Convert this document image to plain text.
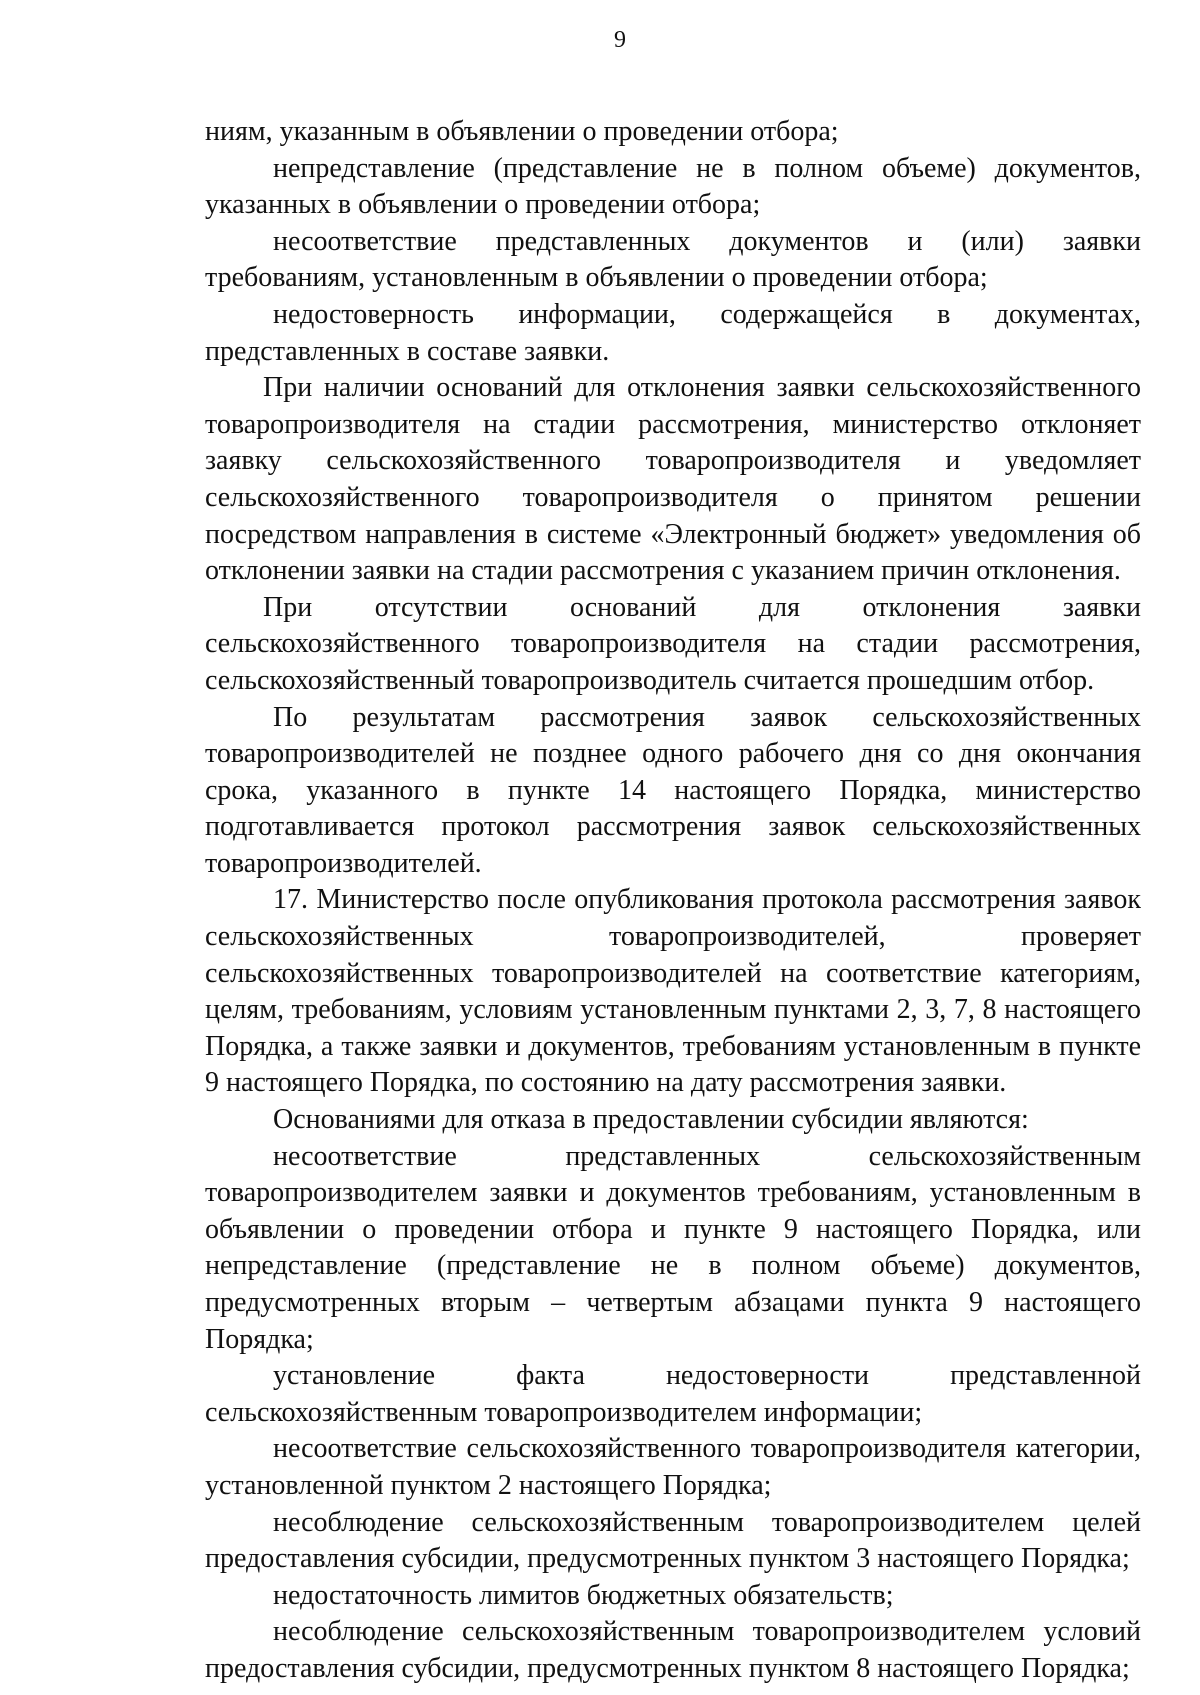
9

ниям, указанным в объявлении о проведении отбора;

непредставление (представление не в полном объеме) документов, указанных в объявлении о проведении отбора;

несоответствие представленных документов и (или) заявки требованиям, установленным в объявлении о проведении отбора;

недостоверность информации, содержащейся в документах, представленных в составе заявки.

При наличии оснований для отклонения заявки сельскохозяйственного товаропроизводителя на стадии рассмотрения, министерство отклоняет заявку сельскохозяйственного товаропроизводителя и уведомляет сельскохозяйственного товаропроизводителя о принятом решении посредством направления в системе «Электронный бюджет» уведомления об отклонении заявки на стадии рассмотрения с указанием причин отклонения.

При отсутствии оснований для отклонения заявки сельскохозяйственного товаропроизводителя на стадии рассмотрения, сельскохозяйственный товаропроизводитель считается прошедшим отбор.

По результатам рассмотрения заявок сельскохозяйственных товаропроизводителей не позднее одного рабочего дня со дня окончания срока, указанного в пункте 14 настоящего Порядка, министерство подготавливается протокол рассмотрения заявок сельскохозяйственных товаропроизводителей.

17. Министерство после опубликования протокола рассмотрения заявок сельскохозяйственных товаропроизводителей, проверяет сельскохозяйственных товаропроизводителей на соответствие категориям, целям, требованиям, условиям установленным пунктами 2, 3, 7, 8 настоящего Порядка, а также заявки и документов, требованиям установленным в пункте 9 настоящего Порядка, по состоянию на дату рассмотрения заявки.

Основаниями для отказа в предоставлении субсидии являются:

несоответствие представленных сельскохозяйственным товаропроизводителем заявки и документов требованиям, установленным в объявлении о проведении отбора и пункте 9 настоящего Порядка, или непредставление (представление не в полном объеме) документов, предусмотренных вторым – четвертым абзацами пункта 9 настоящего Порядка;

установление факта недостоверности представленной сельскохозяйственным товаропроизводителем информации;

несоответствие сельскохозяйственного товаропроизводителя категории, установленной пунктом 2 настоящего Порядка;

несоблюдение сельскохозяйственным товаропроизводителем целей предоставления субсидии, предусмотренных пунктом 3 настоящего Порядка;

недостаточность лимитов бюджетных обязательств;

несоблюдение сельскохозяйственным товаропроизводителем условий предоставления субсидии, предусмотренных пунктом 8 настоящего Порядка;
